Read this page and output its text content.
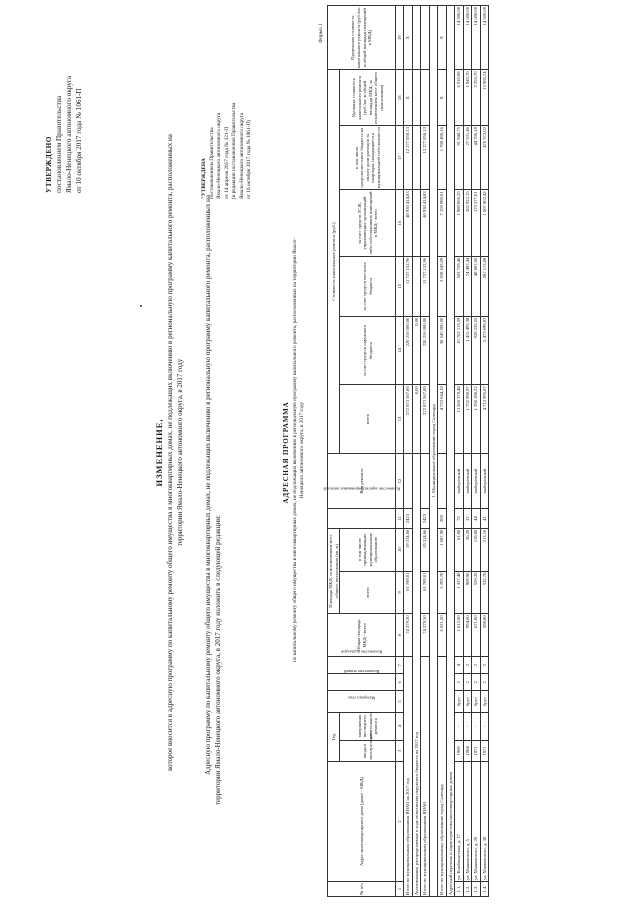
УТВЕРЖДЕНО постановлением Правительства Ямало-Ненецкого автономного округа от 10 октября 2017 года № 1061-П
ИЗМЕНЕНИЕ, которое вносится в адресную программу по капитальному ремонту общего имущества в многоквартирных домах, не подлежащих включению в региональную программу капитального ремонта, расположенных на территории Ямало-Ненецкого автономного округа, в 2017 году	Адресную программу по капитальному ремонту общего имущества в многоквартирных домах, не подлежащих включению в региональную программу капитального ремонта, расположенных на территории Ямало-Ненецкого автономного округа, в 2017 году изложить в следующей редакции:
"УТВЕРЖДЕНА постановлением Правительства Ямало-Ненецкого автономного округа от 14 апреля 2017 года № 321-П (в редакции постановления Правительства Ямало-Ненецкого автономного округа от 10 октября 2017 года № 1061-П)
АДРЕСНАЯ ПРОГРАММА по капитальному ремонту общего имущества в многоквартирных домах, не подлежащих включению в региональную программу капитального ремонта, расположенных на территории Ямало-Ненецкого автономного округа, в 2017 году
Форма 1
№ п/п	Адрес многоквартирного дома (далее - МКД)	Год		Материал стен	Количество этажей	Количество подъездов	Общая площадь МКД - всего	Площадь МКД, за исключением мест общего пользования (кв. м)		Количество зарегистрированных жителей	Вид ремонта	Стоимость капитального ремонта (руб.)						Предельная стоимость капитального ремонта (руб./кв. м общей площади помещений в МКД)
		ввода в эксплуатацию	завершения последнего капитального ремонта					всего	в том числе принадлежащих муниципальному образованию			всего	за счет средств окружного бюджета	за счет средств местного бюджета	за счет средств ТСЖ, управляющих организаций либо собственников помещений в МКД - всего	в том числе средства местного бюджета на оплату доли расходов за квартиры, находящиеся в муниципальной собственности	Удельная стоимость капитального ремонта (руб./кв. м общей площади МКД, за исключением мест общего пользования)	
1	2	3	4	5	6	7	8	9	10	11	12	13	14	15	16	17	18	19
Итого по муниципальным образованиям ЯНАО на 2017 год							74 279,50	61 789,01	19 314,66	2423		272 873 567,80	220 216 000,00	11 727 152,96	40 930 414,83	12 277 850,13	X	X
Ассигнования, распределяемые в ходе исполнения окружного бюджета на 2017 год												0,00	0,00					
Итого по муниципальным образованиям ЯНАО							74 279,50	61 789,01	19 314,66	2423		272 873 567,80	220 216 000,00	11 727 152,96	40 930 414,83	12 277 850,13		
1. Муниципальное образование город Салехард																		
Итого по муниципальному образованию город Салехард							6 021,50	5 293,70	1 087,90	200		4 733 644,10	38 545 000,00	2 028 643,09	7 159 980,01	1 708 406,16	X	X
Адресный перечень и характеристика многоквартирных домов																		
1.1.	ул. Комбинатская, д. 17	1969	-	брус	2	4	1 612,60	1 337,40	61,80	73	выборочный	13 266 378,48	10 762 113,39	563 759,46	1 989 866,25	91 948,75	6 910,08	14 500,00
1.2.	ул. Маяковского, д. 5	1984	-	брус	2	2	994,60	909,90	36,20	37	выборочный	1 752 890,97	1 415 493,38	74 497,44	262 922,15	27 531,46	1 943,70	14 500,00
1.3.	ул. Маяковского, д. 26	1971	-	брус	2	2	671,80	559,20	119,80	44	выборочный	1 250 180,22	928 235,55	48 807,66	173 577,01	44 706,18	2 255,70	14 500,00
1.4.	ул. Маяковского, д. 38	1971	-	брус	2	2	598,80	532,70	213,10	41	выборочный	4 713 995,87	5 473 099,87	287 113,88	1 007 802,42	476 372,02	13 965,74	14 500,00
